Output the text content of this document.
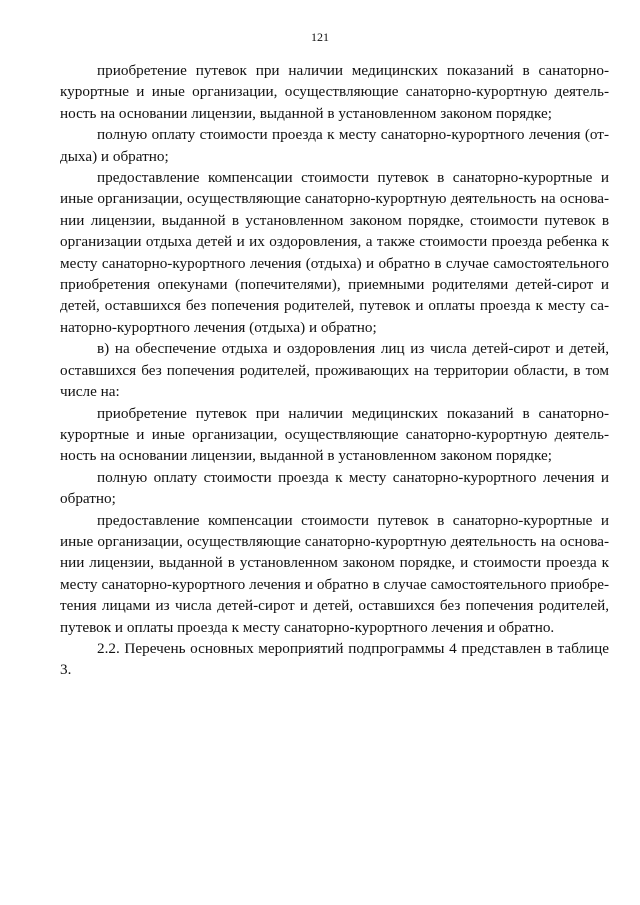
121

приобретение путевок при наличии медицинских показаний в санаторно-курортные и иные организации, осуществляющие санаторно-курортную деятельность на основании лицензии, выданной в установленном законом порядке;

полную оплату стоимости проезда к месту санаторно-курортного лечения (отдыха) и обратно;

предоставление компенсации стоимости путевок в санаторно-курортные и иные организации, осуществляющие санаторно-курортную деятельность на основании лицензии, выданной в установленном законом порядке, стоимости путевок в организации отдыха детей и их оздоровления, а также стоимости проезда ребенка к месту санаторно-курортного лечения (отдыха) и обратно в случае самостоятельного приобретения опекунами (попечителями), приемными родителями детей-сирот и детей, оставшихся без попечения родителей, путевок и оплаты проезда к месту санаторно-курортного лечения (отдыха) и обратно;

в) на обеспечение отдыха и оздоровления лиц из числа детей-сирот и детей, оставшихся без попечения родителей, проживающих на территории области, в том числе на:

приобретение путевок при наличии медицинских показаний в санаторно-курортные и иные организации, осуществляющие санаторно-курортную деятельность на основании лицензии, выданной в установленном законом порядке;

полную оплату стоимости проезда к месту санаторно-курортного лечения и обратно;

предоставление компенсации стоимости путевок в санаторно-курортные и иные организации, осуществляющие санаторно-курортную деятельность на основании лицензии, выданной в установленном законом порядке, и стоимости проезда к месту санаторно-курортного лечения и обратно в случае самостоятельного приобретения лицами из числа детей-сирот и детей, оставшихся без попечения родителей, путевок и оплаты проезда к месту санаторно-курортного лечения и обратно.

2.2. Перечень основных мероприятий подпрограммы 4 представлен в таблице 3.
